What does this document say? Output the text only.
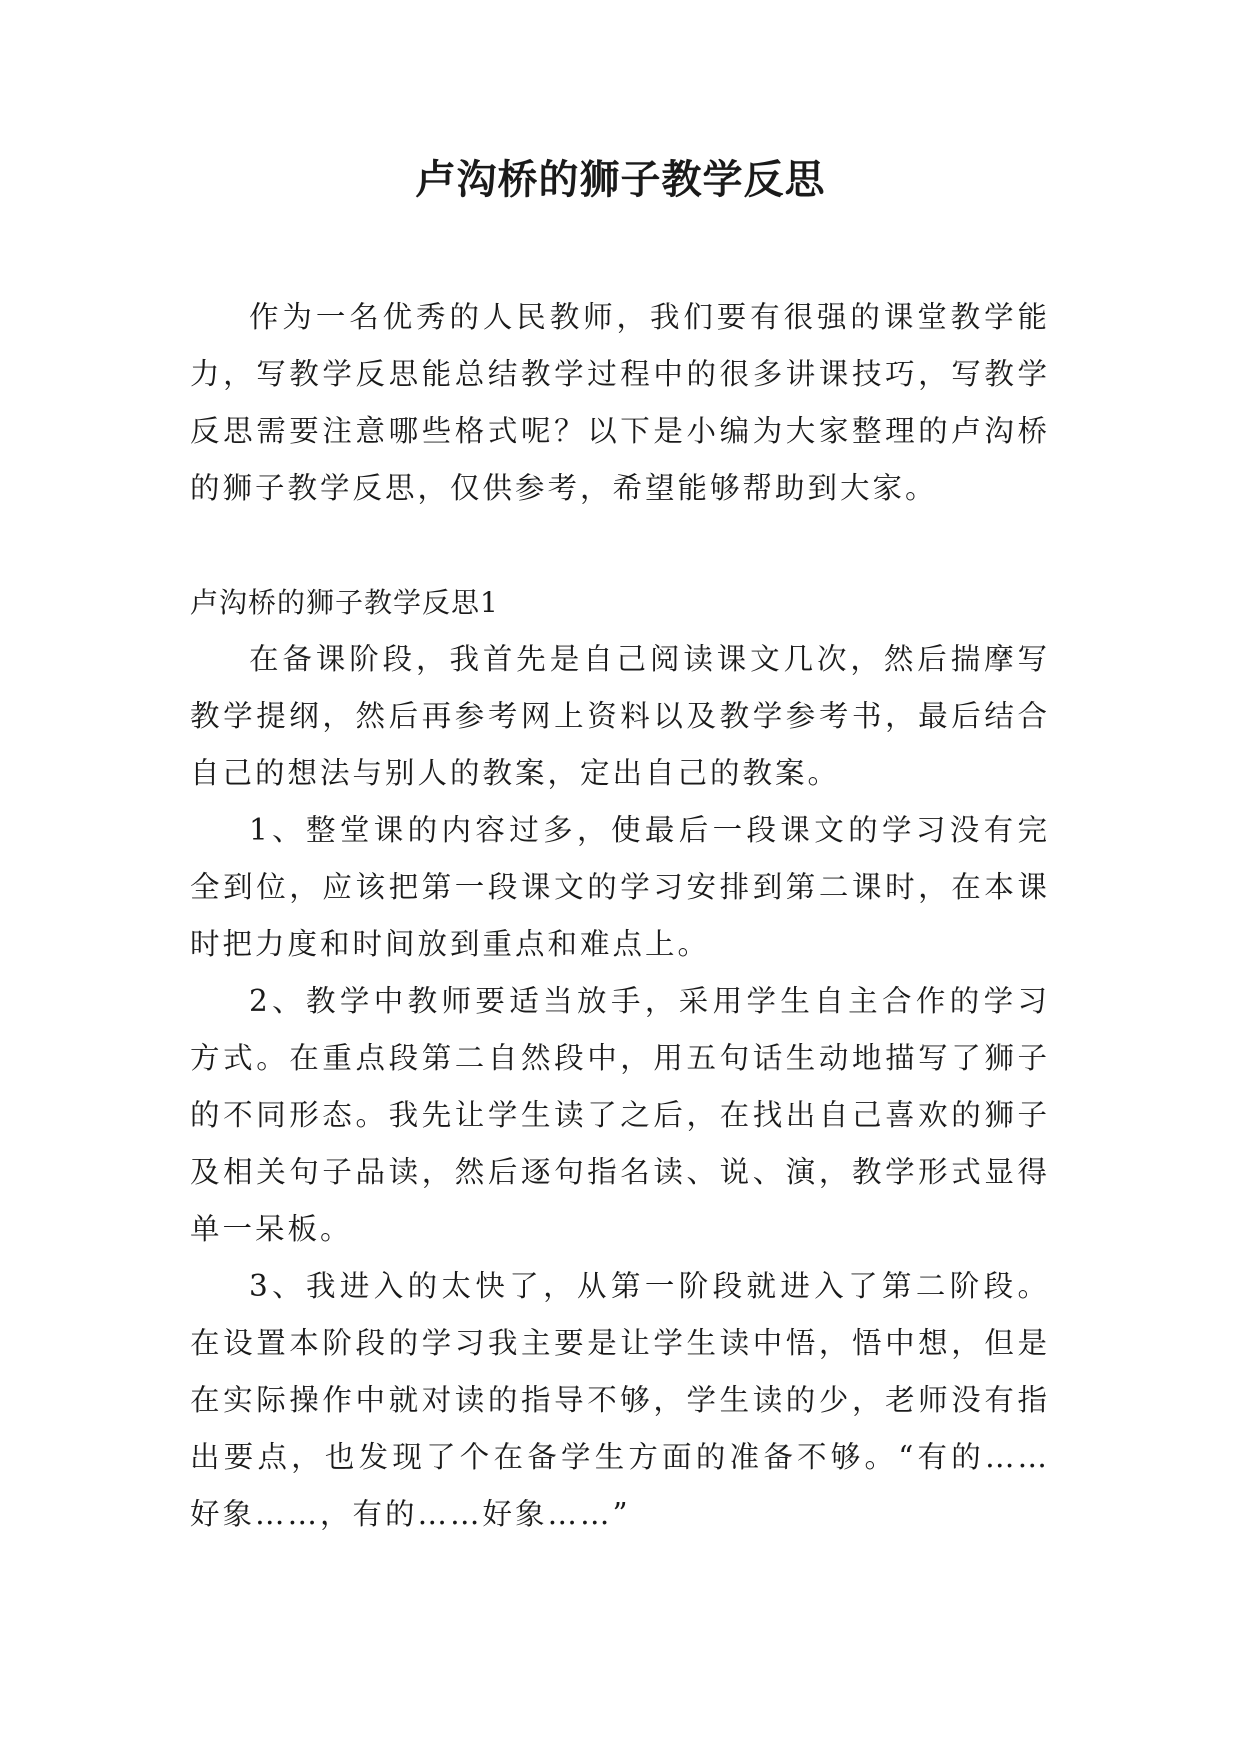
卢沟桥的狮子教学反思

作为一名优秀的人民教师，我们要有很强的课堂教学能力，写教学反思能总结教学过程中的很多讲课技巧，写教学反思需要注意哪些格式呢？以下是小编为大家整理的卢沟桥的狮子教学反思，仅供参考，希望能够帮助到大家。

卢沟桥的狮子教学反思1

在备课阶段，我首先是自己阅读课文几次，然后揣摩写教学提纲，然后再参考网上资料以及教学参考书，最后结合自己的想法与别人的教案，定出自己的教案。

1、整堂课的内容过多，使最后一段课文的学习没有完全到位，应该把第一段课文的学习安排到第二课时，在本课时把力度和时间放到重点和难点上。

2、教学中教师要适当放手，采用学生自主合作的学习方式。在重点段第二自然段中，用五句话生动地描写了狮子的不同形态。我先让学生读了之后，在找出自己喜欢的狮子及相关句子品读，然后逐句指名读、说、演，教学形式显得单一呆板。

3、我进入的太快了，从第一阶段就进入了第二阶段。在设置本阶段的学习我主要是让学生读中悟，悟中想，但是在实际操作中就对读的指导不够，学生读的少，老师没有指出要点，也发现了个在备学生方面的准备不够。“有的……好象……，有的……好象……”
